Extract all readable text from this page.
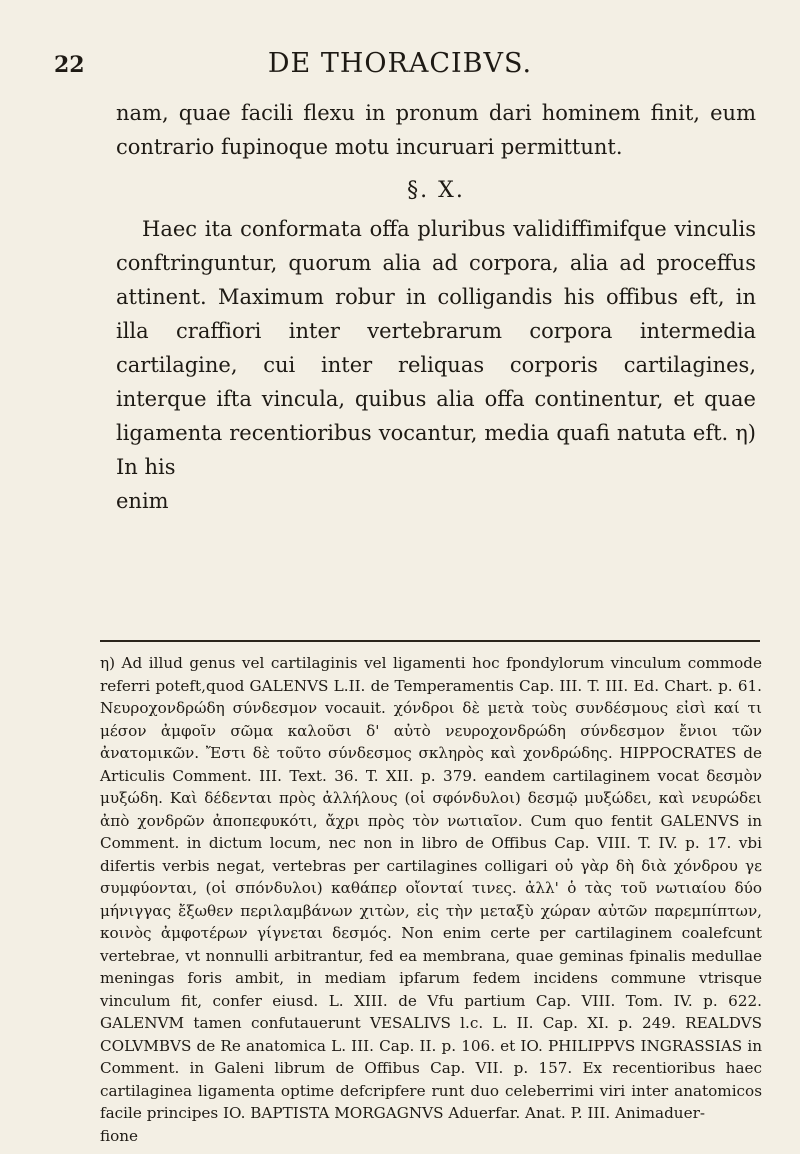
22	DE THORACIBVS.

nam, quae facili flexu in pronum dari hominem finit, eum contrario fupinoque motu incuruari permittunt.

§. X.

Haec ita conformata offa pluribus validiffimifque vinculis conftringuntur, quorum alia ad corpora, alia ad proceffus attinent. Maximum robur in colligandis his offibus eft, in illa craffiori inter vertebrarum corpora intermedia cartilagine, cui inter reliquas corporis cartilagines, interque ifta vincula, quibus alia offa continentur, et quae ligamenta recentioribus vocantur, media quafi natuta eft. η) In his

enim

η) Ad illud genus vel cartilaginis vel ligamenti hoc fpondylorum vinculum commode referri poteft,quod GALENVS L.II. de Temperamentis Cap. III. T. III. Ed. Chart. p. 61. Νευροχονδρώδη σύνδεσμον vocauit. χόνδροι δὲ μετὰ τοὺς συνδέσμους εἰσὶ καί τι μέσον ἀμφοῖν σῶμα καλοῦσι δ' αὐτὸ νευροχονδρώδη σύνδεσμον ἔνιοι τῶν ἀνατομικῶν. Ἔστι δὲ τοῦτο σύνδεσμος σκληρὸς καὶ χονδρώδης. HIPPOCRATES de Articulis Comment. III. Text. 36. T. XII. p. 379. eandem cartilaginem vocat δεσμὸν μυξώδη. Καὶ δέδενται πρὸς ἀλλήλους (οἱ σφόνδυλοι) δεσμῷ μυξώδει, καὶ νευρώδει ἀπὸ χονδρῶν ἀποπεφυκότι, ἄχρι πρὸς τὸν νωτιαῖον. Cum quo fentit GALENVS in Comment. in dictum locum, nec non in libro de Offibus Cap. VIII. T. IV. p. 17. vbi difertis verbis negat, vertebras per cartilagines colligari οὐ γὰρ δὴ διὰ χόνδρου γε συμφύονται, (οἱ σπόνδυλοι) καθάπερ οἴονταί τινες. ἀλλ' ὁ τὰς τοῦ νωτιαίου δύο μήνιγγας ἔξωθεν περιλαμβάνων χιτὼν, εἰς τὴν μεταξὺ χώραν αὐτῶν παρεμπίπτων, κοινὸς ἀμφοτέρων γίγνεται δεσμός. Non enim certe per cartilaginem coalefcunt vertebrae, vt nonnulli arbitrantur, fed ea membrana, quae geminas fpinalis medullae meningas foris ambit, in mediam ipfarum fedem incidens commune vtrisque vinculum fit, confer eiusd. L. XIII. de Vfu partium Cap. VIII. Tom. IV. p. 622. GALENVM tamen confutauerunt VESALIVS l.c. L. II. Cap. XI. p. 249. REALDVS COLVMBVS de Re anatomica L. III. Cap. II. p. 106. et IO. PHILIPPVS INGRASSIAS in Comment. in Galeni librum de Offibus Cap. VII. p. 157. Ex recentioribus haec cartilaginea ligamenta optime defcripfere runt duo celeberrimi viri inter anatomicos facile principes IO. BAPTISTA MORGAGNVS Aduerfar. Anat. P. III. Animaduer-

fione
